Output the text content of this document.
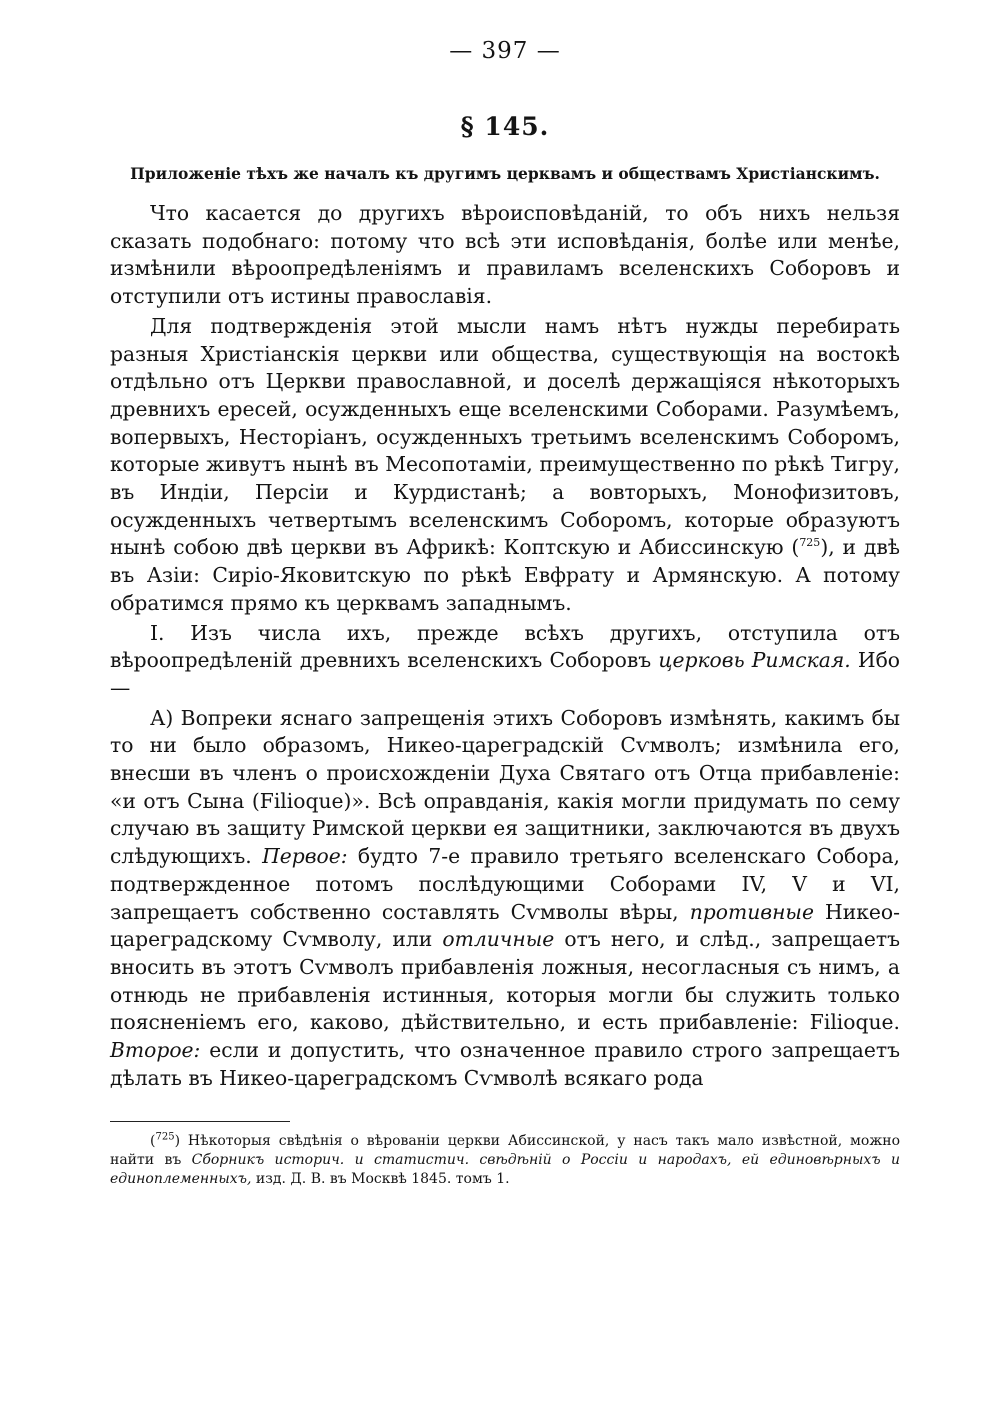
— 397 —
§ 145.
Приложеніе тѣхъ же началъ къ другимъ церквамъ и обществамъ Христіанскимъ.

Что касается до другихъ вѣроисповѣданій, то объ нихъ нельзя сказать подобнаго: потому что всѣ эти исповѣданія, болѣе или менѣе, измѣнили вѣроопредѣленіямъ и правиламъ вселенскихъ Соборовъ и отступили отъ истины православія.

Для подтвержденія этой мысли намъ нѣтъ нужды перебирать разныя Христіанскія церкви или общества, существующія на востокѣ отдѣльно отъ Церкви православной, и доселѣ держащіяся нѣкоторыхъ древнихъ ересей, осужденныхъ еще вселенскими Соборами. Разумѣемъ, вопервыхъ, Несторіанъ, осужденныхъ третьимъ вселенскимъ Соборомъ, которые живутъ нынѣ въ Месопотаміи, преимущественно по рѣкѣ Тигру, въ Индіи, Персіи и Курдистанѣ; а вовторыхъ, Монофизитовъ, осужденныхъ четвертымъ вселенскимъ Соборомъ, которые образуютъ нынѣ собою двѣ церкви въ Африкѣ: Коптскую и Абиссинскую ($^{725}$), и двѣ въ Азіи: Сиріо-Яковитскую по рѣкѣ Евфрату и Армянскую. А потому обратимся прямо къ церквамъ западнымъ.

I. Изъ числа ихъ, прежде всѣхъ другихъ, отступила отъ вѣроопредѣленій древнихъ вселенскихъ Соборовъ церковь Римская. Ибо —

А) Вопреки яснаго запрещенія этихъ Соборовъ измѣнять, какимъ бы то ни было образомъ, Никео-цареградскій Сѵмволъ; измѣнила его, внесши въ членъ о происхожденіи Духа Святаго отъ Отца прибавленіе: «и отъ Сына (Filioque)». Всѣ оправданія, какія могли придумать по сему случаю въ защиту Римской церкви ея защитники, заключаются въ двухъ слѣдующихъ. Первое: будто 7-е правило третьяго вселенскаго Собора, подтвержденное потомъ послѣдующими Соборами IV, V и VI, запрещаетъ собственно составлять Сѵмволы вѣры, противные Никео-цареградскому Сѵмволу, или отличные отъ него, и слѣд., запрещаетъ вносить въ этотъ Сѵмволъ прибавленія ложныя, несогласныя съ нимъ, а отнюдь не прибавленія истинныя, которыя могли бы служить только поясненіемъ его, каково, дѣйствительно, и есть прибавленіе: Filioque. Второе: если и допустить, что означенное правило строго запрещаетъ дѣлать въ Никео-цареградскомъ Сѵмволѣ всякаго рода

($^{725}$) Нѣкоторыя свѣдѣнія о вѣрованіи церкви Абиссинской, у насъ такъ мало извѣстной, можно найти въ Сборникъ историч. и статистич. свѣдѣній о Россіи и народахъ, ей единовѣрныхъ и единоплеменныхъ, изд. Д. В. въ Москвѣ 1845. томъ 1.
